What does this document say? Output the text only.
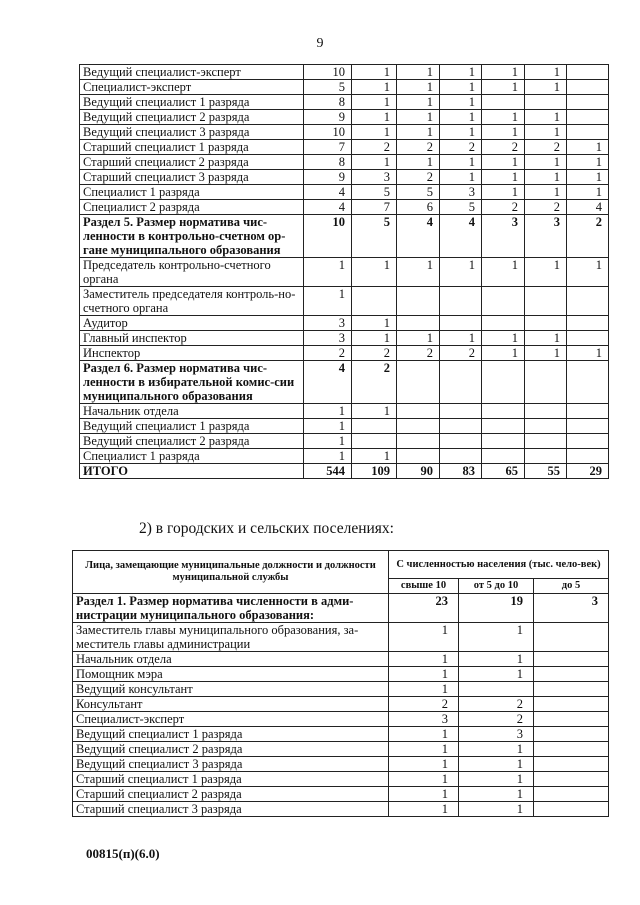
9
Ведущий специалист-эксперт	10	1	1	1	1	1	
Специалист-эксперт	5	1	1	1	1	1	
Ведущий специалист 1 разряда	8	1	1	1			
Ведущий специалист 2 разряда	9	1	1	1	1	1	
Ведущий специалист 3 разряда	10	1	1	1	1	1	
Старший специалист 1 разряда	7	2	2	2	2	2	1
Старший специалист 2 разряда	8	1	1	1	1	1	1
Старший специалист 3 разряда	9	3	2	1	1	1	1
Специалист 1 разряда	4	5	5	3	1	1	1
Специалист 2 разряда	4	7	6	5	2	2	4
Раздел 5. Размер норматива чис-ленности в контрольно-счетном ор-гане муниципального образования	10	5	4	4	3	3	2
Председатель контрольно-счетного органа	1	1	1	1	1	1	1
Заместитель председателя контроль-но-счетного органа	1						
Аудитор	3	1					
Главный инспектор	3	1	1	1	1	1	
Инспектор	2	2	2	2	1	1	1
Раздел 6. Размер норматива чис-ленности в избирательной комис-сии муниципального образования	4	2					
Начальник отдела	1	1					
Ведущий специалист 1 разряда	1						
Ведущий специалист 2 разряда	1						
Специалист 1 разряда	1	1					
ИТОГО	544	109	90	83	65	55	29
2) в городских и сельских поселениях:
Лица, замещающие муниципальные должности и должности муниципальной службы	С численностью населения (тыс. чело-век)		
	свыше 10	от 5 до 10	до 5
Раздел 1. Размер норматива численности в адми-нистрации муниципального образования:	23	19	3
Заместитель главы муниципального образования, за-меститель главы администрации	1	1	
Начальник отдела	1	1	
Помощник мэра	1	1	
Ведущий консультант	1		
Консультант	2	2	
Специалист-эксперт	3	2	
Ведущий специалист 1 разряда	1	3	
Ведущий специалист 2 разряда	1	1	
Ведущий специалист 3 разряда	1	1	
Старший специалист 1 разряда	1	1	
Старший специалист 2 разряда	1	1	
Старший специалист 3 разряда	1	1	
00815(п)(6.0)
